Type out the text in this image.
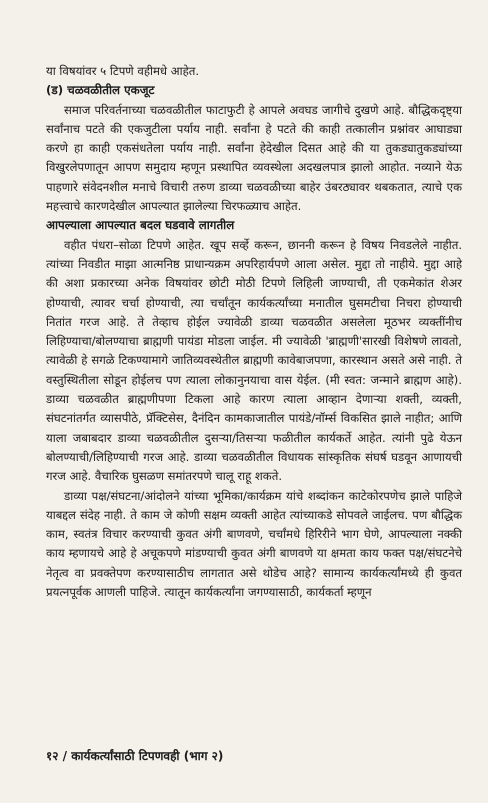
या विषयांवर ५ टिपणे वहीमधे आहेत.

(ड) चळवळीतील एकजूट

समाज परिवर्तनाच्या चळवळीतील फाटाफुटी हे आपले अवघड जागीचे दुखणे आहे. बौद्धिकदृष्ट्या सर्वांनाच पटते की एकजुटीला पर्याय नाही. सर्वांना हे पटते की काही तत्कालीन प्रश्नांवर आघाड्या करणे हा काही एकसंधतेला पर्याय नाही. सर्वांना हेदेखील दिसत आहे की या तुकड्यातुकड्यांच्या विखुरलेपणातून आपण समुदाय म्हणून प्रस्थापित व्यवस्थेला अदखलपात्र झालो आहोत. नव्याने येऊ पाहणारे संवेदनशील मनाचे विचारी तरुण डाव्या चळवळीच्या बाहेर उंबरठ्यावर थबकतात, त्याचे एक महत्त्वाचे कारणदेखील आपल्यात झालेल्या चिरफळ्याच आहेत.

आपल्याला आपल्यात बदल घडवावे लागतील

वहीत पंधरा–सोळा टिपणे आहेत. खूप सर्व्हे करून, छाननी करून हे विषय निवडलेले नाहीत. त्यांच्या निवडीत माझा आत्मनिष्ठ प्राधान्यक्रम अपरिहार्यपणे आला असेल. मुद्दा तो नाहीये. मुद्दा आहे की अशा प्रकारच्या अनेक विषयांवर छोटी मोठी टिपणे लिहिली जाण्याची, ती एकमेकांत शेअर होण्याची, त्यावर चर्चा होण्याची, त्या चर्चांतून कार्यकर्त्यांच्या मनातील घुसमटीचा निचरा होण्याची नितांत गरज आहे. ते तेव्हाच होईल ज्यावेळी डाव्या चळवळीत असलेला मूठभर व्यक्तींनीच लिहिण्याचा/बोलण्याचा ब्राह्मणी पायंडा मोडला जाईल. मी ज्यावेळी 'ब्राह्मणी'सारखी विशेषणे लावतो, त्यावेळी हे सगळे टिकण्यामागे जातिव्यवस्थेतील ब्राह्मणी कावेबाजपणा, कारस्थान असते असे नाही. ते वस्तुस्थितीला सोडून होईलच पण त्याला लोकानुनयाचा वास येईल. (मी स्वत: जन्माने ब्राह्मण आहे). डाव्या चळवळीत ब्राह्मणीपणा टिकला आहे कारण त्याला आव्हान देणाऱ्या शक्ती, व्यक्ती, संघटनांतर्गत व्यासपीठे, प्रॅक्टिसेस, दैनंदिन कामकाजातील पायंडे/नॉर्म्स विकसित झाले नाहीत; आणि याला जबाबदार डाव्या चळवळीतील दुसऱ्या/तिसऱ्या फळीतील कार्यकर्ते आहेत. त्यांनी पुढे येऊन बोलण्याची/लिहिण्याची गरज आहे. डाव्या चळवळीतील विधायक सांस्कृतिक संघर्ष घडवून आणायची गरज आहे. वैचारिक घुसळण समांतरपणे चालू राहू शकते.

डाव्या पक्ष/संघटना/आंदोलने यांच्या भूमिका/कार्यक्रम यांचे शब्दांकन काटेकोरपणेच झाले पाहिजे याबद्दल संदेह नाही. ते काम जे कोणी सक्षम व्यक्ती आहेत त्यांच्याकडे सोपवले जाईलच. पण बौद्धिक काम, स्वतंत्र विचार करण्याची कुवत अंगी बाणवणे, चर्चांमधे हिरिरीने भाग घेणे, आपल्याला नक्की काय म्हणायचे आहे हे अचूकपणे मांडण्याची कुवत अंगी बाणवणे या क्षमता काय फक्त पक्ष/संघटनेचे नेतृत्व वा प्रवक्तेपण करण्यासाठीच लागतात असे थोडेच आहे? सामान्य कार्यकर्त्यांमध्ये ही कुवत प्रयत्नपूर्वक आणली पाहिजे. त्यातून कार्यकर्त्यांना जगण्यासाठी, कार्यकर्ता म्हणून

१२ / कार्यकर्त्यांसाठी टिपणवही (भाग २)
